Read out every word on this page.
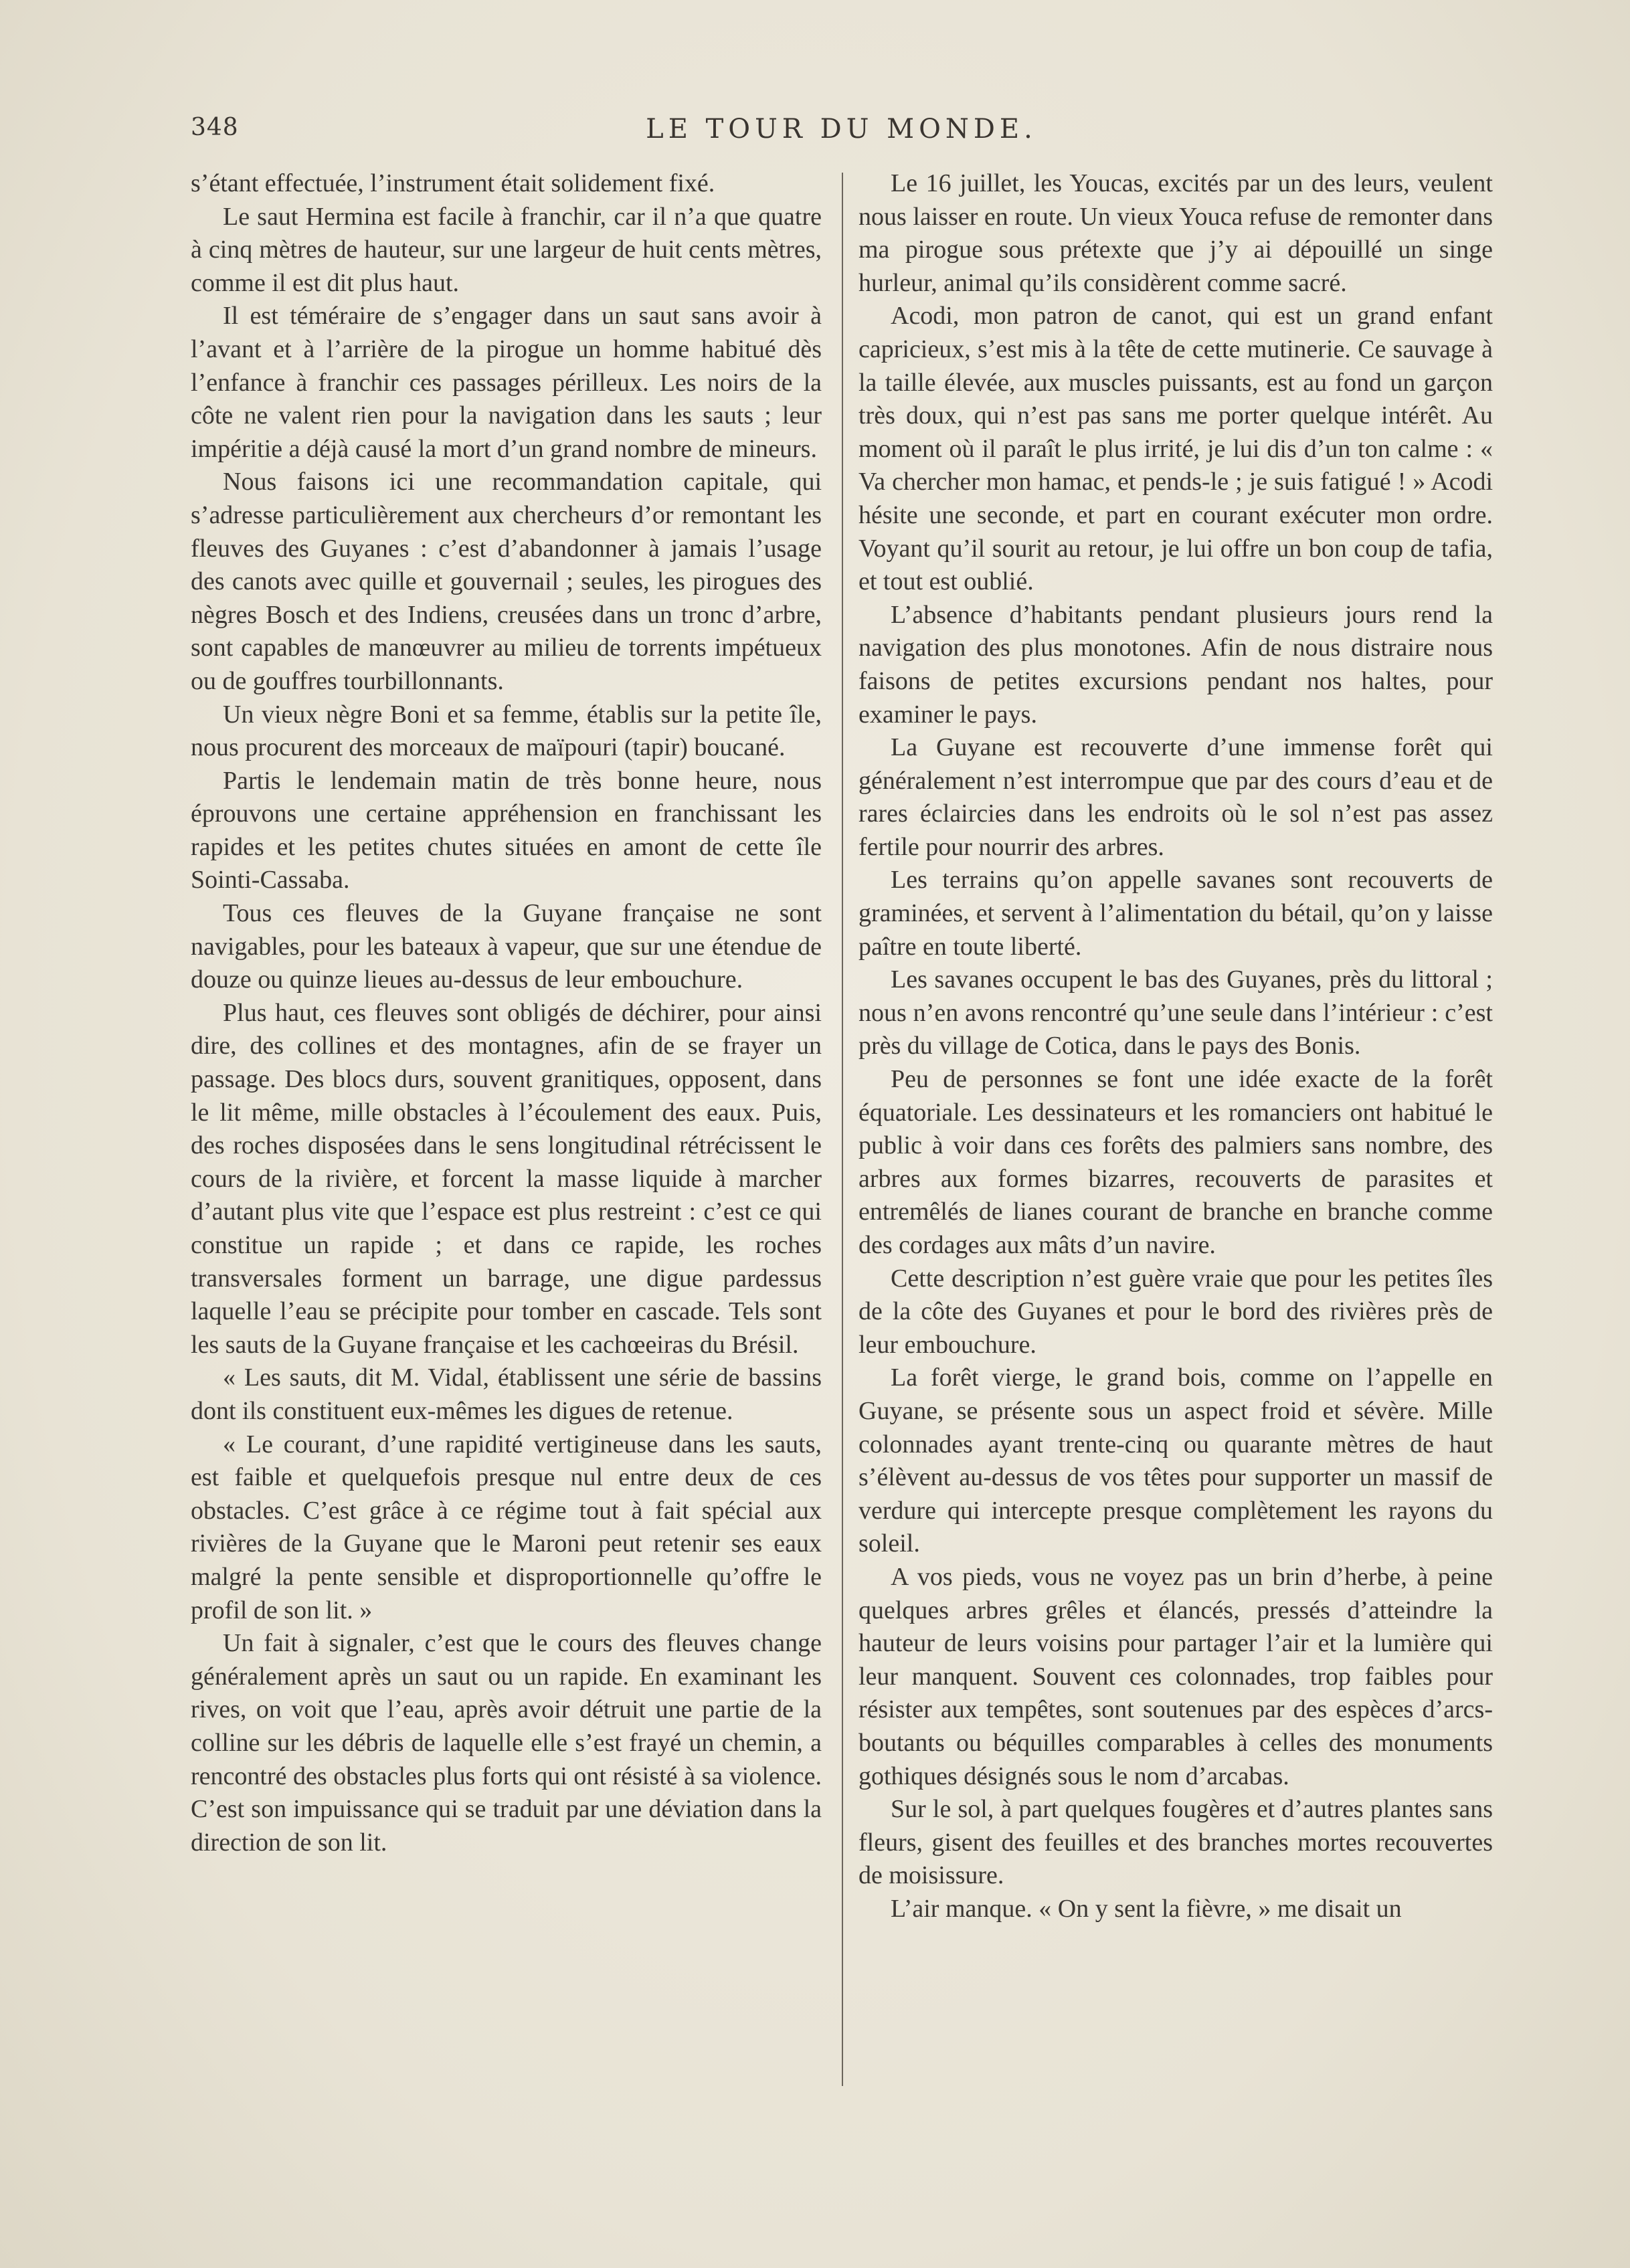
348	LE TOUR DU MONDE.

s’étant effectuée, l’instrument était solidement fixé.

Le saut Hermina est facile à franchir, car il n’a que quatre à cinq mètres de hauteur, sur une largeur de huit cents mètres, comme il est dit plus haut.

Il est téméraire de s’engager dans un saut sans avoir à l’avant et à l’arrière de la pirogue un homme habitué dès l’enfance à franchir ces passages périlleux. Les noirs de la côte ne valent rien pour la navigation dans les sauts ; leur impéritie a déjà causé la mort d’un grand nombre de mineurs.

Nous faisons ici une recommandation capitale, qui s’adresse particulièrement aux chercheurs d’or remontant les fleuves des Guyanes : c’est d’abandonner à jamais l’usage des canots avec quille et gouvernail ; seules, les pirogues des nègres Bosch et des Indiens, creusées dans un tronc d’arbre, sont capables de manœuvrer au milieu de torrents impétueux ou de gouffres tourbillonnants.

Un vieux nègre Boni et sa femme, établis sur la petite île, nous procurent des morceaux de maïpouri (tapir) boucané.

Partis le lendemain matin de très bonne heure, nous éprouvons une certaine appréhension en franchissant les rapides et les petites chutes situées en amont de cette île Sointi-Cassaba.

Tous ces fleuves de la Guyane française ne sont navigables, pour les bateaux à vapeur, que sur une étendue de douze ou quinze lieues au-dessus de leur embouchure.

Plus haut, ces fleuves sont obligés de déchirer, pour ainsi dire, des collines et des montagnes, afin de se frayer un passage. Des blocs durs, souvent granitiques, opposent, dans le lit même, mille obstacles à l’écoulement des eaux. Puis, des roches disposées dans le sens longitudinal rétrécissent le cours de la rivière, et forcent la masse liquide à marcher d’autant plus vite que l’espace est plus restreint : c’est ce qui constitue un rapide ; et dans ce rapide, les roches transversales forment un barrage, une digue pardessus laquelle l’eau se précipite pour tomber en cascade. Tels sont les sauts de la Guyane française et les cachœeiras du Brésil.

« Les sauts, dit M. Vidal, établissent une série de bassins dont ils constituent eux-mêmes les digues de retenue.

« Le courant, d’une rapidité vertigineuse dans les sauts, est faible et quelquefois presque nul entre deux de ces obstacles. C’est grâce à ce régime tout à fait spécial aux rivières de la Guyane que le Maroni peut retenir ses eaux malgré la pente sensible et disproportionnelle qu’offre le profil de son lit. »

Un fait à signaler, c’est que le cours des fleuves change généralement après un saut ou un rapide. En examinant les rives, on voit que l’eau, après avoir détruit une partie de la colline sur les débris de laquelle elle s’est frayé un chemin, a rencontré des obstacles plus forts qui ont résisté à sa violence. C’est son impuissance qui se traduit par une déviation dans la direction de son lit.

Le 16 juillet, les Youcas, excités par un des leurs, veulent nous laisser en route. Un vieux Youca refuse de remonter dans ma pirogue sous prétexte que j’y ai dépouillé un singe hurleur, animal qu’ils considèrent comme sacré.

Acodi, mon patron de canot, qui est un grand enfant capricieux, s’est mis à la tête de cette mutinerie. Ce sauvage à la taille élevée, aux muscles puissants, est au fond un garçon très doux, qui n’est pas sans me porter quelque intérêt. Au moment où il paraît le plus irrité, je lui dis d’un ton calme : « Va chercher mon hamac, et pends-le ; je suis fatigué ! » Acodi hésite une seconde, et part en courant exécuter mon ordre. Voyant qu’il sourit au retour, je lui offre un bon coup de tafia, et tout est oublié.

L’absence d’habitants pendant plusieurs jours rend la navigation des plus monotones. Afin de nous distraire nous faisons de petites excursions pendant nos haltes, pour examiner le pays.

La Guyane est recouverte d’une immense forêt qui généralement n’est interrompue que par des cours d’eau et de rares éclaircies dans les endroits où le sol n’est pas assez fertile pour nourrir des arbres.

Les terrains qu’on appelle savanes sont recouverts de graminées, et servent à l’alimentation du bétail, qu’on y laisse paître en toute liberté.

Les savanes occupent le bas des Guyanes, près du littoral ; nous n’en avons rencontré qu’une seule dans l’intérieur : c’est près du village de Cotica, dans le pays des Bonis.

Peu de personnes se font une idée exacte de la forêt équatoriale. Les dessinateurs et les romanciers ont habitué le public à voir dans ces forêts des palmiers sans nombre, des arbres aux formes bizarres, recouverts de parasites et entremêlés de lianes courant de branche en branche comme des cordages aux mâts d’un navire.

Cette description n’est guère vraie que pour les petites îles de la côte des Guyanes et pour le bord des rivières près de leur embouchure.

La forêt vierge, le grand bois, comme on l’appelle en Guyane, se présente sous un aspect froid et sévère. Mille colonnades ayant trente-cinq ou quarante mètres de haut s’élèvent au-dessus de vos têtes pour supporter un massif de verdure qui intercepte presque complètement les rayons du soleil.

A vos pieds, vous ne voyez pas un brin d’herbe, à peine quelques arbres grêles et élancés, pressés d’atteindre la hauteur de leurs voisins pour partager l’air et la lumière qui leur manquent. Souvent ces colonnades, trop faibles pour résister aux tempêtes, sont soutenues par des espèces d’arcs-boutants ou béquilles comparables à celles des monuments gothiques désignés sous le nom d’arcabas.

Sur le sol, à part quelques fougères et d’autres plantes sans fleurs, gisent des feuilles et des branches mortes recouvertes de moisissure.

L’air manque. « On y sent la fièvre, » me disait un
